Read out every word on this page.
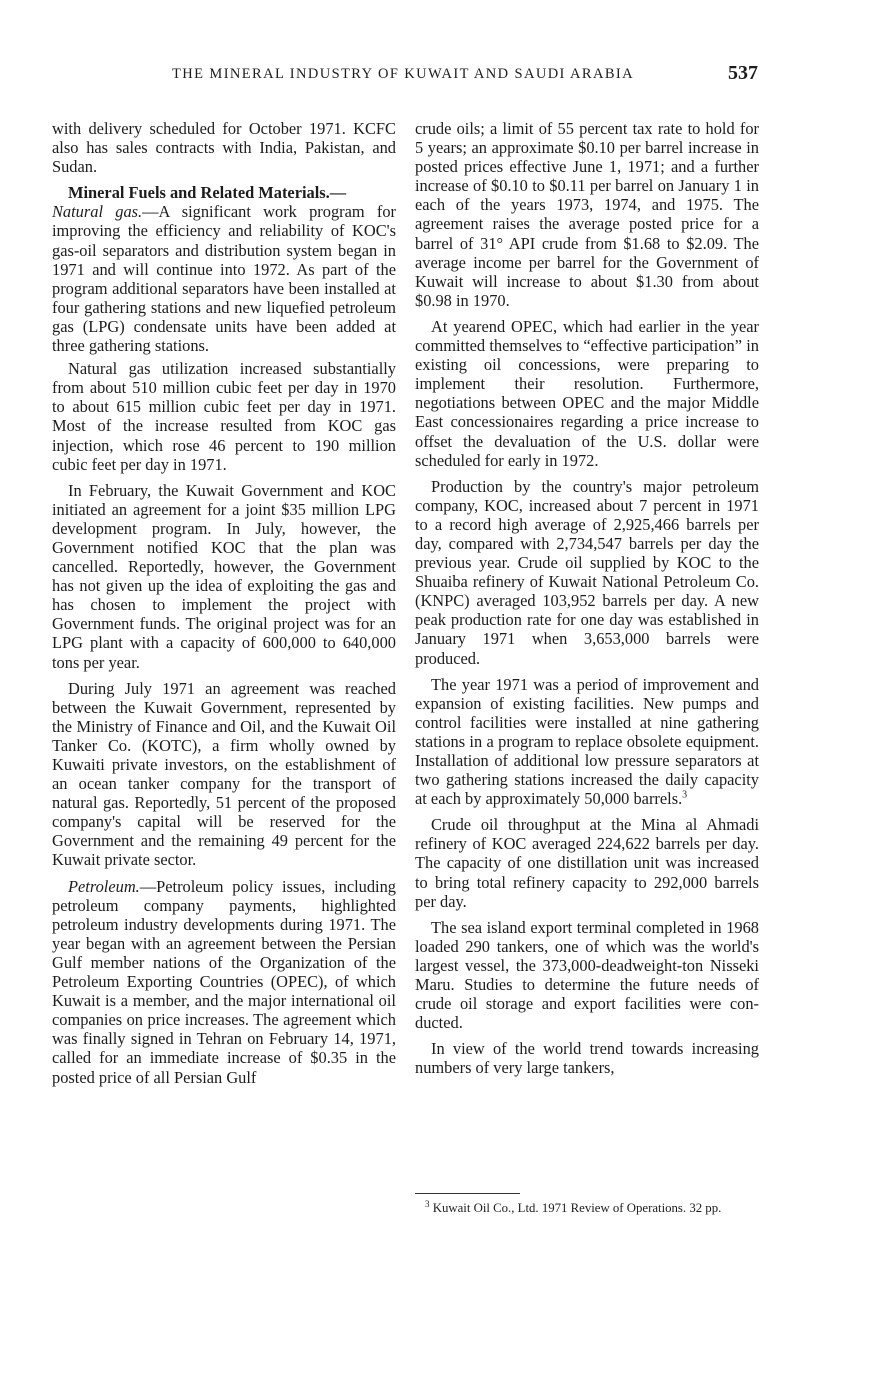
THE MINERAL INDUSTRY OF KUWAIT AND SAUDI ARABIA	537

with delivery scheduled for October 1971. KCFC also has sales contracts with India, Pakistan, and Sudan.

Mineral Fuels and Related Materials.—
Natural gas.—A significant work program for improving the efficiency and reliability of KOC's gas-oil separators and distribution system began in 1971 and will continue into 1972. As part of the program additional separators have been installed at four gathering stations and new liquefied petroleum gas (LPG) condensate units have been added at three gathering stations.

Natural gas utilization increased substantially from about 510 million cubic feet per day in 1970 to about 615 million cubic feet per day in 1971. Most of the increase resulted from KOC gas injection, which rose 46 percent to 190 million cubic feet per day in 1971.

In February, the Kuwait Government and KOC initiated an agreement for a joint $35 million LPG development program. In July, however, the Government notified KOC that the plan was cancelled. Reportedly, however, the Government has not given up the idea of exploiting the gas and has chosen to implement the project with Government funds. The original project was for an LPG plant with a capacity of 600,000 to 640,000 tons per year.

During July 1971 an agreement was reached between the Kuwait Government, represented by the Ministry of Finance and Oil, and the Kuwait Oil Tanker Co. (KOTC), a firm wholly owned by Kuwaiti private investors, on the establishment of an ocean tanker company for the transport of natural gas. Reportedly, 51 percent of the proposed company's capital will be reserved for the Government and the remaining 49 percent for the Kuwait private sector.

Petroleum.—Petroleum policy issues, including petroleum company payments, highlighted petroleum industry developments during 1971. The year began with an agreement between the Persian Gulf member nations of the Organization of the Petroleum Exporting Countries (OPEC), of which Kuwait is a member, and the major international oil companies on price increases. The agreement which was finally signed in Tehran on February 14, 1971, called for an immediate increase of $0.35 in the posted price of all Persian Gulf

crude oils; a limit of 55 percent tax rate to hold for 5 years; an approximate $0.10 per barrel increase in posted prices effective June 1, 1971; and a further increase of $0.10 to $0.11 per barrel on January 1 in each of the years 1973, 1974, and 1975. The agreement raises the average posted price for a barrel of 31° API crude from $1.68 to $2.09. The average income per barrel for the Government of Kuwait will increase to about $1.30 from about $0.98 in 1970.

At yearend OPEC, which had earlier in the year committed themselves to “effective participation” in existing oil concessions, were preparing to implement their resolution. Furthermore, negotiations between OPEC and the major Middle East concessionaires regarding a price increase to offset the devaluation of the U.S. dollar were scheduled for early in 1972.

Production by the country's major petroleum company, KOC, increased about 7 percent in 1971 to a record high average of 2,925,466 barrels per day, compared with 2,734,547 barrels per day the previous year. Crude oil supplied by KOC to the Shuaiba refinery of Kuwait National Petroleum Co. (KNPC) averaged 103,952 barrels per day. A new peak production rate for one day was established in January 1971 when 3,653,000 barrels were produced.

The year 1971 was a period of improvement and expansion of existing facilities. New pumps and control facilities were installed at nine gathering stations in a program to replace obsolete equipment. Installation of additional low pressure separators at two gathering stations increased the daily capacity at each by approximately 50,000 barrels.$^3$

Crude oil throughput at the Mina al Ahmadi refinery of KOC averaged 224,622 barrels per day. The capacity of one distillation unit was increased to bring total refinery capacity to 292,000 barrels per day.

The sea island export terminal completed in 1968 loaded 290 tankers, one of which was the world's largest vessel, the 373,000-deadweight-ton Nisseki Maru. Studies to determine the future needs of crude oil storage and export facilities were conducted.

In view of the world trend towards increasing numbers of very large tankers,

$^3$ Kuwait Oil Co., Ltd. 1971 Review of Operations. 32 pp.
